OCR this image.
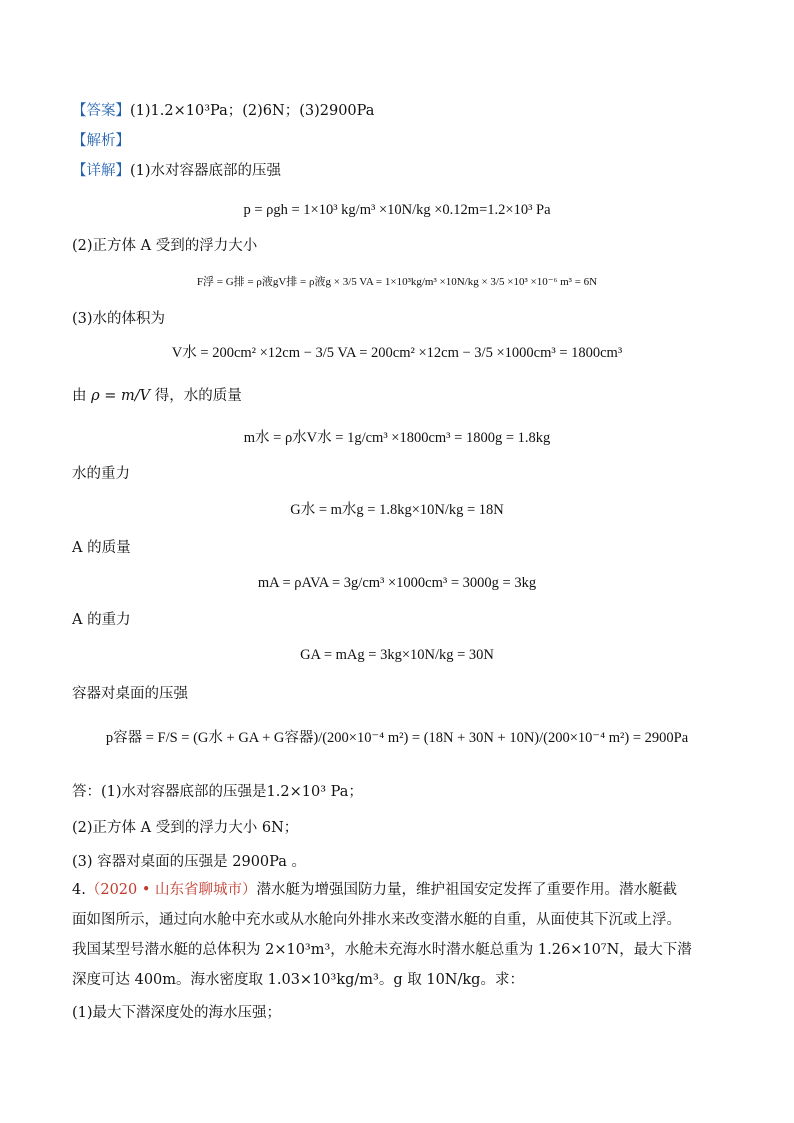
【答案】(1)1.2×10³Pa；(2)6N；(3)2900Pa
【解析】
【详解】(1)水对容器底部的压强
p = ρgh = 1×10³ kg/m³ ×10N/kg ×0.12m=1.2×10³ Pa
(2)正方体 A 受到的浮力大小
F浮 = G排 = ρ液gV排 = ρ液g × 3/5 VA = 1×10³kg/m³ ×10N/kg × 3/5 ×10³ ×10⁻⁶ m³ = 6N
(3)水的体积为
V水 = 200cm² ×12cm − 3/5 VA = 200cm² ×12cm − 3/5 ×1000cm³ = 1800cm³
由 ρ = m/V 得，水的质量
m水 = ρ水V水 = 1g/cm³ ×1800cm³ = 1800g = 1.8kg
水的重力
G水 = m水g = 1.8kg×10N/kg = 18N
A 的质量
mA = ρAVA = 3g/cm³ ×1000cm³ = 3000g = 3kg
A 的重力
GA = mAg = 3kg×10N/kg = 30N
容器对桌面的压强
p容器 = F/S = (G水 + GA + G容器)/(200×10⁻⁴ m²) = (18N + 30N + 10N)/(200×10⁻⁴ m²) = 2900Pa
答：(1)水对容器底部的压强是1.2×10³ Pa；
(2)正方体 A 受到的浮力大小 6N；
(3) 容器对桌面的压强是 2900Pa 。
4.（2020 • 山东省聊城市）潜水艇为增强国防力量，维护祖国安定发挥了重要作用。潜水艇截
面如图所示，通过向水舱中充水或从水舱向外排水来改变潜水艇的自重，从面使其下沉或上浮。
我国某型号潜水艇的总体积为 2×10³m³，水舱未充海水时潜水艇总重为 1.26×10⁷N，最大下潜
深度可达 400m。海水密度取 1.03×10³kg/m³。g 取 10N/kg。求：
(1)最大下潜深度处的海水压强；
